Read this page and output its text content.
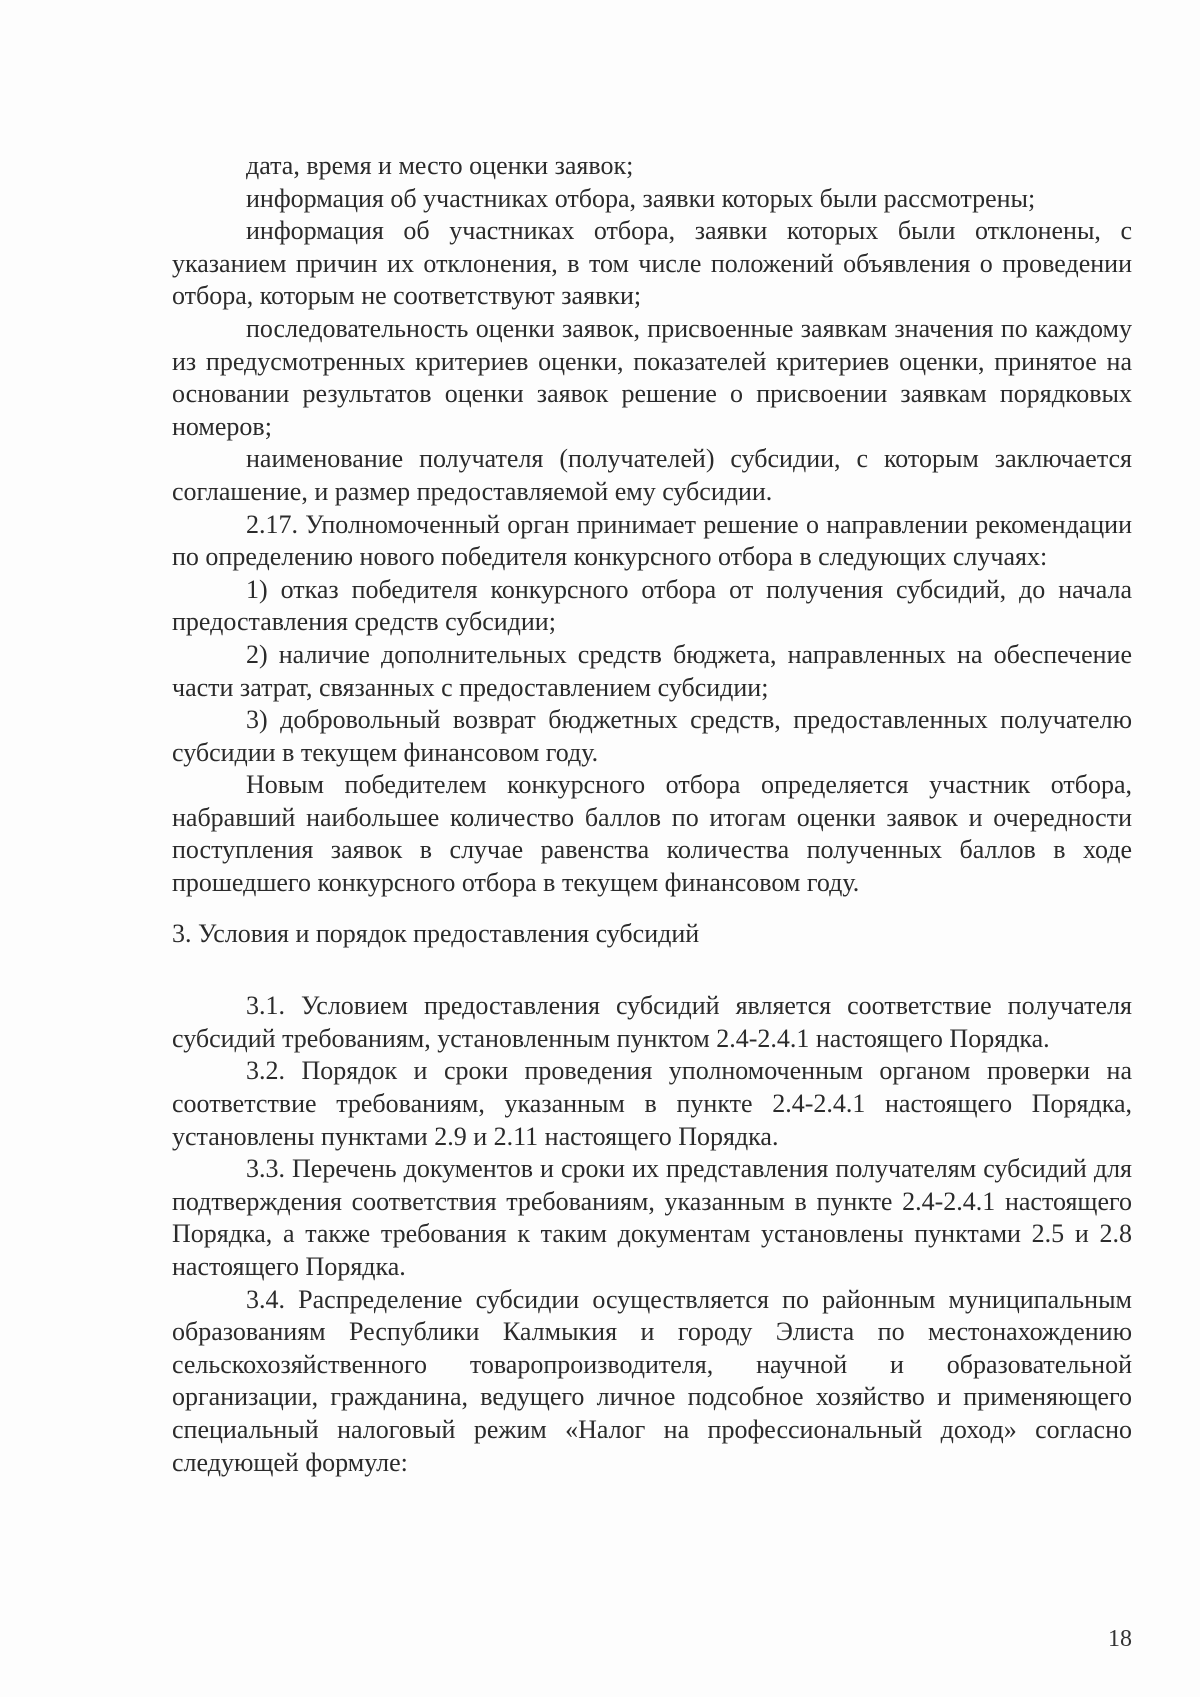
дата, время и место оценки заявок;

информация об участниках отбора, заявки которых были рассмотрены;

информация об участниках отбора, заявки которых были отклонены, с указанием причин их отклонения, в том числе положений объявления о проведении отбора, которым не соответствуют заявки;

последовательность оценки заявок, присвоенные заявкам значения по каждому из предусмотренных критериев оценки, показателей критериев оценки, принятое на основании результатов оценки заявок решение о присвоении заявкам порядковых номеров;

наименование получателя (получателей) субсидии, с которым заключается соглашение, и размер предоставляемой ему субсидии.

2.17. Уполномоченный орган принимает решение о направлении рекомендации по определению нового победителя конкурсного отбора в следующих случаях:

1) отказ победителя конкурсного отбора от получения субсидий, до начала предоставления средств субсидии;

2) наличие дополнительных средств бюджета, направленных на обеспечение части затрат, связанных с предоставлением субсидии;

3) добровольный возврат бюджетных средств, предоставленных получателю субсидии в текущем финансовом году.

Новым победителем конкурсного отбора определяется участник отбора, набравший наибольшее количество баллов по итогам оценки заявок и очередности поступления заявок в случае равенства количества полученных баллов в ходе прошедшего конкурсного отбора в текущем финансовом году.

3. Условия и порядок предоставления субсидий

3.1. Условием предоставления субсидий является соответствие получателя субсидий требованиям, установленным пунктом 2.4-2.4.1 настоящего Порядка.

3.2. Порядок и сроки проведения уполномоченным органом проверки на соответствие требованиям, указанным в пункте 2.4-2.4.1 настоящего Порядка, установлены пунктами 2.9 и 2.11 настоящего Порядка.

3.3. Перечень документов и сроки их представления получателям субсидий для подтверждения соответствия требованиям, указанным в пункте 2.4-2.4.1 настоящего Порядка, а также требования к таким документам установлены пунктами 2.5 и 2.8 настоящего Порядка.

3.4. Распределение субсидии осуществляется по районным муниципальным образованиям Республики Калмыкия и городу Элиста по местонахождению сельскохозяйственного товаропроизводителя, научной и образовательной организации, гражданина, ведущего личное подсобное хозяйство и применяющего специальный налоговый режим «Налог на профессиональный доход» согласно следующей формуле:

18
